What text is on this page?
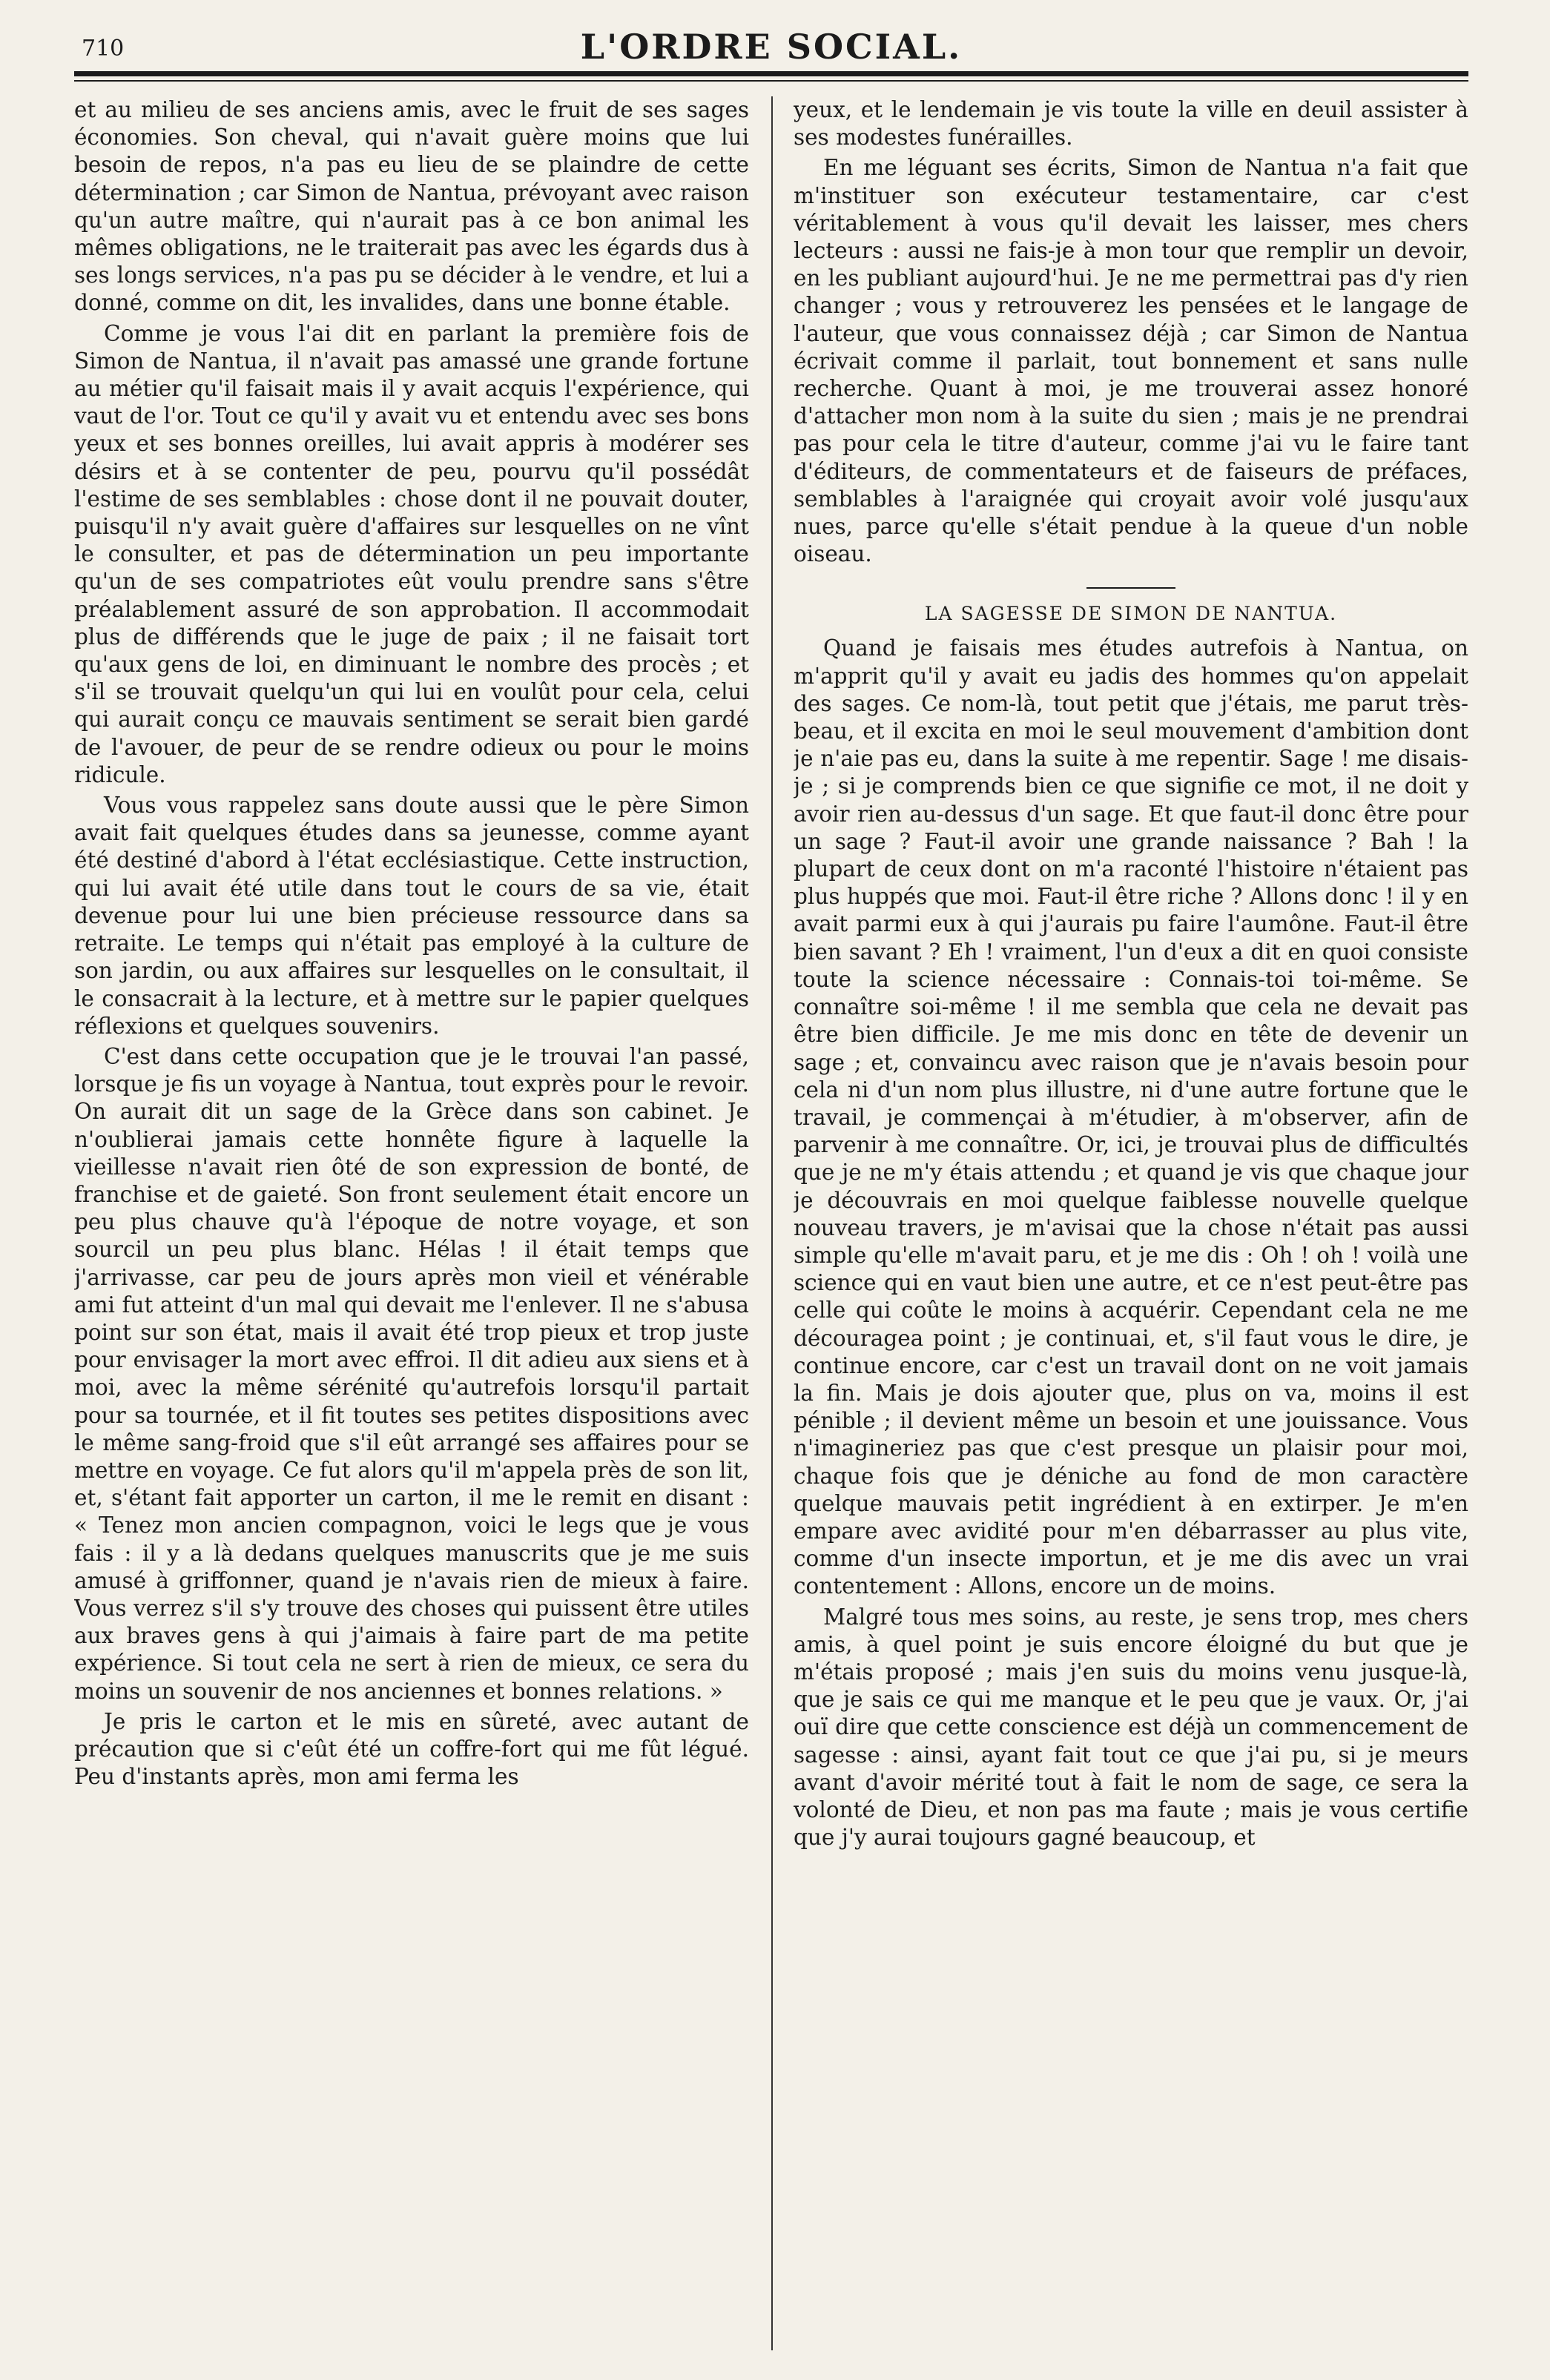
710	L'ORDRE SOCIAL.

et au milieu de ses anciens amis, avec le fruit de ses sages économies. Son cheval, qui n'avait guère moins que lui besoin de repos, n'a pas eu lieu de se plaindre de cette détermination ; car Simon de Nantua, prévoyant avec raison qu'un autre maître, qui n'aurait pas à ce bon animal les mêmes obligations, ne le traiterait pas avec les égards dus à ses longs services, n'a pas pu se décider à le vendre, et lui a donné, comme on dit, les invalides, dans une bonne étable.

Comme je vous l'ai dit en parlant la première fois de Simon de Nantua, il n'avait pas amassé une grande fortune au métier qu'il faisait mais il y avait acquis l'expérience, qui vaut de l'or. Tout ce qu'il y avait vu et entendu avec ses bons yeux et ses bonnes oreilles, lui avait appris à modérer ses désirs et à se contenter de peu, pourvu qu'il possédât l'estime de ses semblables : chose dont il ne pouvait douter, puisqu'il n'y avait guère d'affaires sur lesquelles on ne vînt le consulter, et pas de détermination un peu importante qu'un de ses compatriotes eût voulu prendre sans s'être préalablement assuré de son approbation. Il accommodait plus de différends que le juge de paix ; il ne faisait tort qu'aux gens de loi, en diminuant le nombre des procès ; et s'il se trouvait quelqu'un qui lui en voulût pour cela, celui qui aurait conçu ce mauvais sentiment se serait bien gardé de l'avouer, de peur de se rendre odieux ou pour le moins ridicule.

Vous vous rappelez sans doute aussi que le père Simon avait fait quelques études dans sa jeunesse, comme ayant été destiné d'abord à l'état ecclésiastique. Cette instruction, qui lui avait été utile dans tout le cours de sa vie, était devenue pour lui une bien précieuse ressource dans sa retraite. Le temps qui n'était pas employé à la culture de son jardin, ou aux affaires sur lesquelles on le consultait, il le consacrait à la lecture, et à mettre sur le papier quelques réflexions et quelques souvenirs.

C'est dans cette occupation que je le trouvai l'an passé, lorsque je fis un voyage à Nantua, tout exprès pour le revoir. On aurait dit un sage de la Grèce dans son cabinet. Je n'oublierai jamais cette honnête figure à laquelle la vieillesse n'avait rien ôté de son expression de bonté, de franchise et de gaieté. Son front seulement était encore un peu plus chauve qu'à l'époque de notre voyage, et son sourcil un peu plus blanc. Hélas ! il était temps que j'arrivasse, car peu de jours après mon vieil et vénérable ami fut atteint d'un mal qui devait me l'enlever. Il ne s'abusa point sur son état, mais il avait été trop pieux et trop juste pour envisager la mort avec effroi. Il dit adieu aux siens et à moi, avec la même sérénité qu'autrefois lorsqu'il partait pour sa tournée, et il fit toutes ses petites dispositions avec le même sang-froid que s'il eût arrangé ses affaires pour se mettre en voyage. Ce fut alors qu'il m'appela près de son lit, et, s'étant fait apporter un carton, il me le remit en disant : « Tenez mon ancien compagnon, voici le legs que je vous fais : il y a là dedans quelques manuscrits que je me suis amusé à griffonner, quand je n'avais rien de mieux à faire. Vous verrez s'il s'y trouve des choses qui puissent être utiles aux braves gens à qui j'aimais à faire part de ma petite expérience. Si tout cela ne sert à rien de mieux, ce sera du moins un souvenir de nos anciennes et bonnes relations. »

Je pris le carton et le mis en sûreté, avec autant de précaution que si c'eût été un coffre-fort qui me fût légué. Peu d'instants après, mon ami ferma les

yeux, et le lendemain je vis toute la ville en deuil assister à ses modestes funérailles.

En me léguant ses écrits, Simon de Nantua n'a fait que m'instituer son exécuteur testamentaire, car c'est véritablement à vous qu'il devait les laisser, mes chers lecteurs : aussi ne fais-je à mon tour que remplir un devoir, en les publiant aujourd'hui. Je ne me permettrai pas d'y rien changer ; vous y retrouverez les pensées et le langage de l'auteur, que vous connaissez déjà ; car Simon de Nantua écrivait comme il parlait, tout bonnement et sans nulle recherche. Quant à moi, je me trouverai assez honoré d'attacher mon nom à la suite du sien ; mais je ne prendrai pas pour cela le titre d'auteur, comme j'ai vu le faire tant d'éditeurs, de commentateurs et de faiseurs de préfaces, semblables à l'araignée qui croyait avoir volé jusqu'aux nues, parce qu'elle s'était pendue à la queue d'un noble oiseau.

LA SAGESSE DE SIMON DE NANTUA.

Quand je faisais mes études autrefois à Nantua, on m'apprit qu'il y avait eu jadis des hommes qu'on appelait des sages. Ce nom-là, tout petit que j'étais, me parut très-beau, et il excita en moi le seul mouvement d'ambition dont je n'aie pas eu, dans la suite à me repentir. Sage ! me disais-je ; si je comprends bien ce que signifie ce mot, il ne doit y avoir rien au-dessus d'un sage. Et que faut-il donc être pour un sage ? Faut-il avoir une grande naissance ? Bah ! la plupart de ceux dont on m'a raconté l'histoire n'étaient pas plus huppés que moi. Faut-il être riche ? Allons donc ! il y en avait parmi eux à qui j'aurais pu faire l'aumône. Faut-il être bien savant ? Eh ! vraiment, l'un d'eux a dit en quoi consiste toute la science nécessaire : Connais-toi toi-même. Se connaître soi-même ! il me sembla que cela ne devait pas être bien difficile. Je me mis donc en tête de devenir un sage ; et, convaincu avec raison que je n'avais besoin pour cela ni d'un nom plus illustre, ni d'une autre fortune que le travail, je commençai à m'étudier, à m'observer, afin de parvenir à me connaître. Or, ici, je trouvai plus de difficultés que je ne m'y étais attendu ; et quand je vis que chaque jour je découvrais en moi quelque faiblesse nouvelle quelque nouveau travers, je m'avisai que la chose n'était pas aussi simple qu'elle m'avait paru, et je me dis : Oh ! oh ! voilà une science qui en vaut bien une autre, et ce n'est peut-être pas celle qui coûte le moins à acquérir. Cependant cela ne me découragea point ; je continuai, et, s'il faut vous le dire, je continue encore, car c'est un travail dont on ne voit jamais la fin. Mais je dois ajouter que, plus on va, moins il est pénible ; il devient même un besoin et une jouissance. Vous n'imagineriez pas que c'est presque un plaisir pour moi, chaque fois que je déniche au fond de mon caractère quelque mauvais petit ingrédient à en extirper. Je m'en empare avec avidité pour m'en débarrasser au plus vite, comme d'un insecte importun, et je me dis avec un vrai contentement : Allons, encore un de moins.

Malgré tous mes soins, au reste, je sens trop, mes chers amis, à quel point je suis encore éloigné du but que je m'étais proposé ; mais j'en suis du moins venu jusque-là, que je sais ce qui me manque et le peu que je vaux. Or, j'ai ouï dire que cette conscience est déjà un commencement de sagesse : ainsi, ayant fait tout ce que j'ai pu, si je meurs avant d'avoir mérité tout à fait le nom de sage, ce sera la volonté de Dieu, et non pas ma faute ; mais je vous certifie que j'y aurai toujours gagné beaucoup, et
